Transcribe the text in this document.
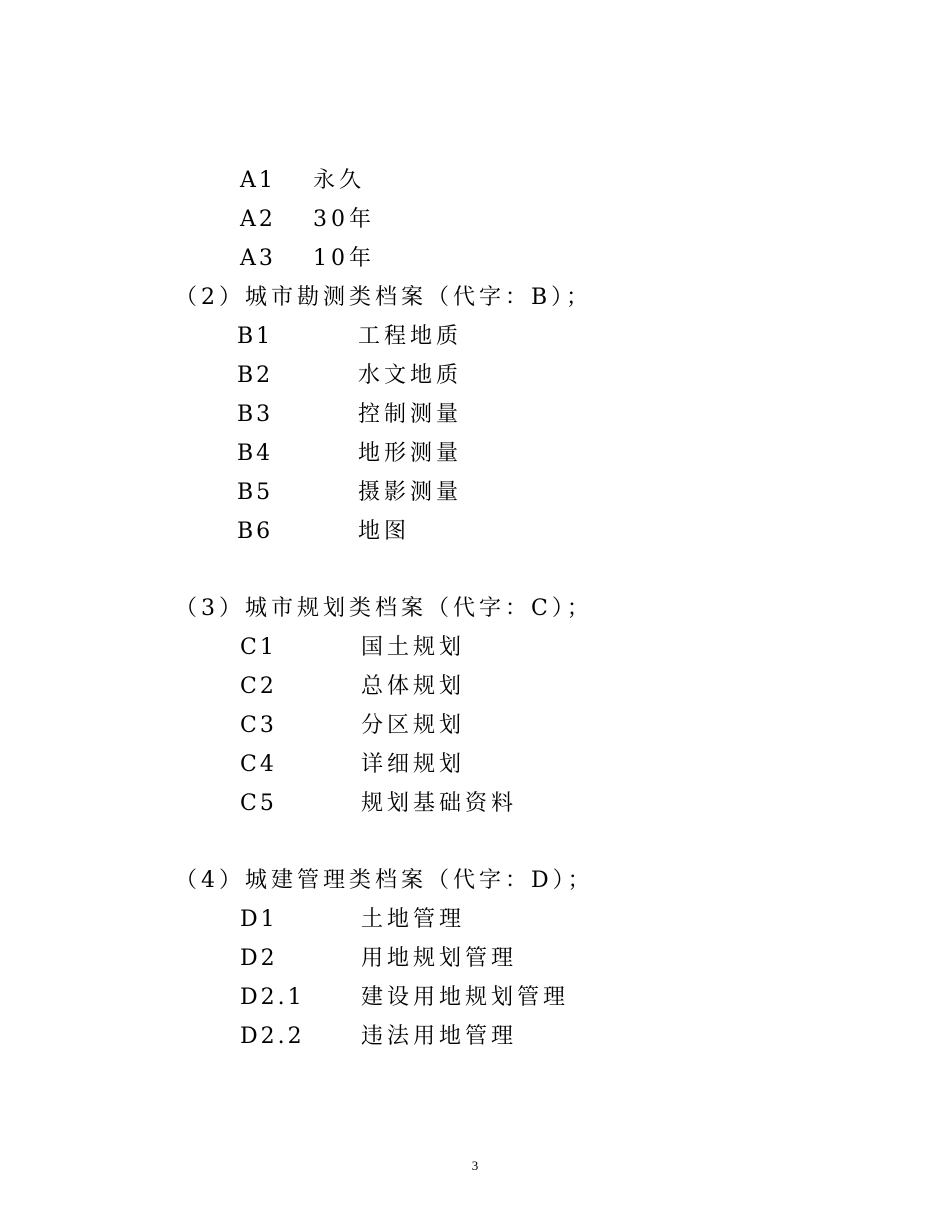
A1 永久
A2 30年
A3 10年
（2）城市勘测类档案（代字：B）；
B1	工程地质
B2	水文地质
B3	控制测量
B4	地形测量
B5	摄影测量
B6	地图
（3）城市规划类档案（代字：C）；
C1	国土规划
C2	总体规划
C3	分区规划
C4	详细规划
C5	规划基础资料
（4）城建管理类档案（代字：D）；
D1	土地管理
D2	用地规划管理
D2.1	建设用地规划管理
D2.2	违法用地管理
3
